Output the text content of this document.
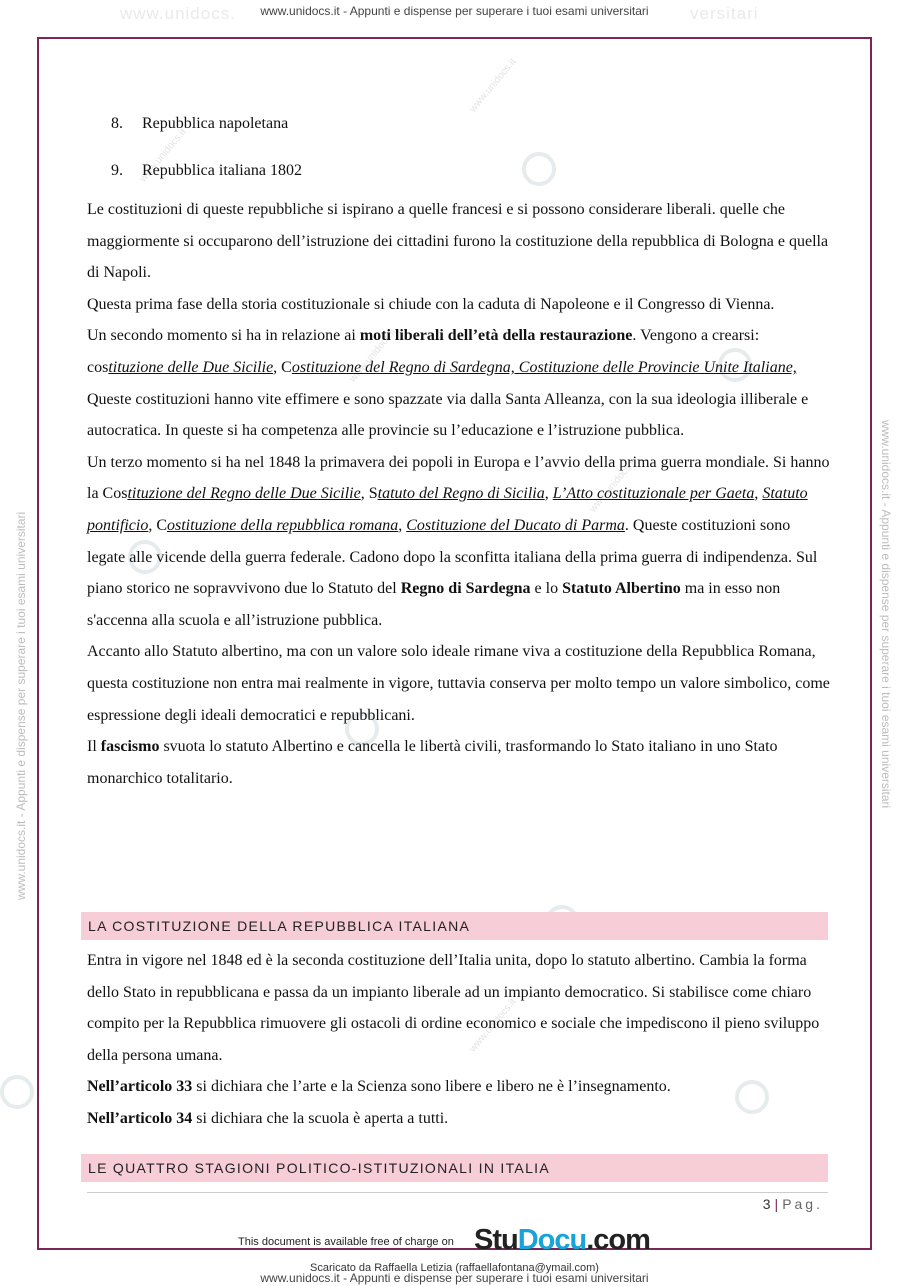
www.unidocs.	versitari
www.unidocs.it - Appunti e dispense per superare i tuoi esami universitari
www.unidocs.it - Appunti e dispense per superare i tuoi esami universitari	www.unidocs.it - Appunti e dispense per superare i tuoi esami universitari
www.unidocs.it
www.unidocs.it
www.unidocs.it
www.unidocs.it
www.unidocs.it
8. Repubblica napoletana
9. Repubblica italiana 1802

Le costituzioni di queste repubbliche si ispirano a quelle francesi e si possono considerare liberali. quelle che maggiormente si occuparono dell’istruzione dei cittadini furono la costituzione della repubblica di Bologna e quella di Napoli.

Questa prima fase della storia costituzionale si chiude con la caduta di Napoleone e il Congresso di Vienna.

Un secondo momento si ha in relazione ai moti liberali dell’età della restaurazione. Vengono a crearsi: costituzione delle Due Sicilie, Costituzione del Regno di Sardegna, Costituzione delle Provincie Unite Italiane, Queste costituzioni hanno vite effimere e sono spazzate via dalla Santa Alleanza, con la sua ideologia illiberale e autocratica. In queste si ha competenza alle provincie su l’educazione e l’istruzione pubblica.

Un terzo momento si ha nel 1848 la primavera dei popoli in Europa e l’avvio della prima guerra mondiale. Si hanno la Costituzione del Regno delle Due Sicilie, Statuto del Regno di Sicilia, L’Atto costituzionale per Gaeta, Statuto pontificio, Costituzione della repubblica romana, Costituzione del Ducato di Parma. Queste costituzioni sono legate alle vicende della guerra federale. Cadono dopo la sconfitta italiana della prima guerra di indipendenza. Sul piano storico ne sopravvivono due lo Statuto del Regno di Sardegna e lo Statuto Albertino ma in esso non s'accenna alla scuola e all’istruzione pubblica.

Accanto allo Statuto albertino, ma con un valore solo ideale rimane viva a costituzione della Repubblica Romana, questa costituzione non entra mai realmente in vigore, tuttavia conserva per molto tempo un valore simbolico, come espressione degli ideali democratici e repubblicani.

Il fascismo svuota lo statuto Albertino e cancella le libertà civili, trasformando lo Stato italiano in uno Stato monarchico totalitario.

LA COSTITUZIONE DELLA REPUBBLICA ITALIANA

Entra in vigore nel 1848 ed è la seconda costituzione dell’Italia unita, dopo lo statuto albertino. Cambia la forma dello Stato in repubblicana e passa da un impianto liberale ad un impianto democratico. Si stabilisce come chiaro compito per la Repubblica rimuovere gli ostacoli di ordine economico e sociale che impediscono il pieno sviluppo della persona umana.

Nell’articolo 33 si dichiara che l’arte e la Scienza sono libere e libero ne è l’insegnamento.

Nell’articolo 34 si dichiara che la scuola è aperta a tutti.

LE QUATTRO STAGIONI POLITICO-ISTITUZIONALI IN ITALIA
3 | Pag.
This document is available free of charge on StuDocu.com
Scaricato da Raffaella Letizia (raffaellafontana@ymail.com)
www.unidocs.it - Appunti e dispense per superare i tuoi esami universitari
